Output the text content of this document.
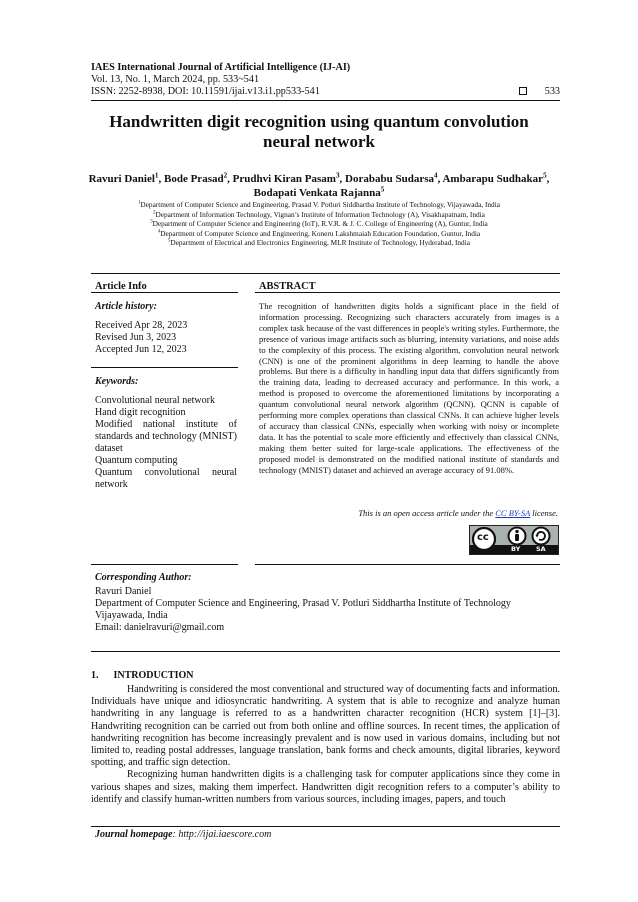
IAES International Journal of Artificial Intelligence (IJ-AI)
Vol. 13, No. 1, March 2024, pp. 533~541
ISSN: 2252-8938, DOI: 10.11591/ijai.v13.i1.pp533-541	533
Handwritten digit recognition using quantum convolution
neural network
Ravuri Daniel$^1$, Bode Prasad$^2$, Prudhvi Kiran Pasam$^3$, Dorababu Sudarsa$^4$, Ambarapu Sudhakar$^5$,
Bodapati Venkata Rajanna$^5$
$^1$Department of Computer Science and Engineering, Prasad V. Potluri Siddhartha Institute of Technology, Vijayawada, India
$^2$Department of Information Technology, Vignan’s Institute of Information Technology (A), Visakhapatnam, India
$^3$Department of Computer Science and Engineering (IoT), R.V.R. & J. C. College of Engineering (A), Guntur, India
$^4$Department of Computer Science and Engineering, Koneru Lakshmaiah Education Foundation, Guntur, India
$^5$Department of Electrical and Electronics Engineering, MLR Institute of Technology, Hyderabad, India
Article Info
Article history:
Received Apr 28, 2023
Revised Jun 3, 2023
Accepted Jun 12, 2023
Keywords:
Convolutional neural network
Hand digit recognition
Modified national institute of standards and technology (MNIST) dataset
Quantum computing
Quantum convolutional neural network
ABSTRACT
The recognition of handwritten digits holds a significant place in the field of information processing. Recognizing such characters accurately from images is a complex task because of the vast differences in people's writing styles. Furthermore, the presence of various image artifacts such as blurring, intensity variations, and noise adds to the complexity of this process. The existing algorithm, convolution neural network (CNN) is one of the prominent algorithms in deep learning to handle the above problems. But there is a difficulty in handling input data that differs significantly from the training data, leading to decreased accuracy and performance. In this work, a method is proposed to overcome the aforementioned limitations by incorporating a quantum convolutional neural network algorithm (QCNN). QCNN is capable of performing more complex operations than classical CNNs. It can achieve higher levels of accuracy than classical CNNs, especially when working with noisy or incomplete data. It has the potential to scale more efficiently and effectively than classical CNNs, making them better suited for large-scale applications. The effectiveness of the proposed model is demonstrated on the modified national institute of standards and technology (MNIST) dataset and achieved an average accuracy of 91.08%.
This is an open access article under the CC BY-SA license.
cc
BY SA
Corresponding Author:
Ravuri Daniel
Department of Computer Science and Engineering, Prasad V. Potluri Siddhartha Institute of Technology
Vijayawada, India
Email: danielravuri@gmail.com
1.      INTRODUCTION

Handwriting is considered the most conventional and structured way of documenting facts and information. Individuals have unique and idiosyncratic handwriting. A system that is able to recognize and analyze human handwriting in any language is referred to as a handwritten character recognition (HCR) system [1]–[3]. Handwriting recognition can be carried out from both online and offline sources. In recent times, the application of handwriting recognition has become increasingly prevalent and is now used in various domains, including but not limited to, reading postal addresses, language translation, bank forms and check amounts, digital libraries, keyword spotting, and traffic sign detection.

Recognizing human handwritten digits is a challenging task for computer applications since they come in various shapes and sizes, making them imperfect. Handwritten digit recognition refers to a computer’s ability to identify and classify human-written numbers from various sources, including images, papers, and touch

Journal homepage: http://ijai.iaescore.com
